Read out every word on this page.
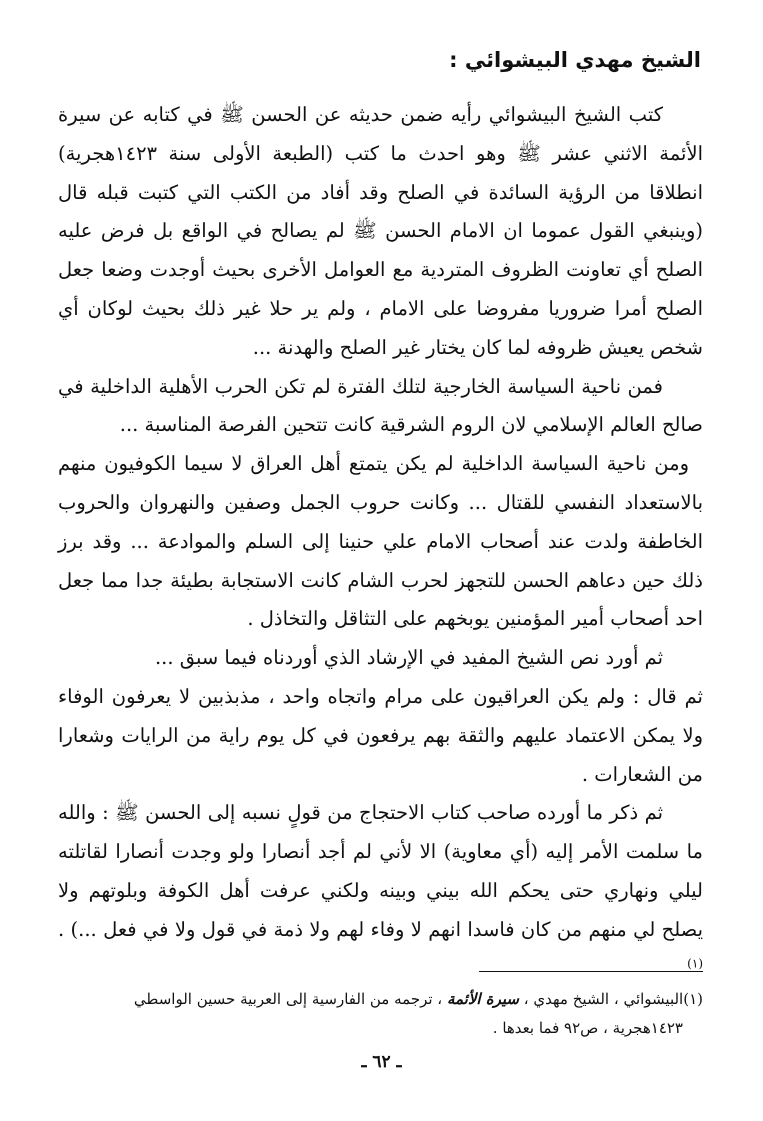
الشيخ مهدي البيشوائي :

كتب الشيخ البيشوائي رأيه ضمن حديثه عن الحسن ﷺ في كتابه عن سيرة الأئمة الاثني عشر ﷺ وهو احدث ما كتب (الطبعة الأولى سنة ١٤٢٣هجرية) انطلاقا من الرؤية السائدة في الصلح وقد أفاد من الكتب التي كتبت قبله قال (وينبغي القول عموما ان الامام الحسن ﷺ لم يصالح في الواقع بل فرض عليه الصلح أي تعاونت الظروف المتردية مع العوامل الأخرى بحيث أوجدت وضعا جعل الصلح أمرا ضروريا مفروضا على الامام ، ولم ير حلا غير ذلك بحيث لوكان أي شخص يعيش ظروفه لما كان يختار غير الصلح والهدنة ...

فمن ناحية السياسة الخارجية لتلك الفترة لم تكن الحرب الأهلية الداخلية في صالح العالم الإسلامي لان الروم الشرقية كانت تتحين الفرصة المناسبة ...

ومن ناحية السياسة الداخلية لم يكن يتمتع أهل العراق لا سيما الكوفيون منهم بالاستعداد النفسي للقتال ... وكانت حروب الجمل وصفين والنهروان والحروب الخاطفة ولدت عند أصحاب الامام علي حنينا إلى السلم والموادعة ... وقد برز ذلك حين دعاهم الحسن للتجهز لحرب الشام كانت الاستجابة بطيئة جدا مما جعل احد أصحاب أمير المؤمنين يوبخهم على التثاقل والتخاذل .

ثم أورد نص الشيخ المفيد في الإرشاد الذي أوردناه فيما سبق ...

ثم قال : ولم يكن العراقيون على مرام واتجاه واحد ، مذبذبين لا يعرفون الوفاء ولا يمكن الاعتماد عليهم والثقة بهم يرفعون في كل يوم راية من الرايات وشعارا من الشعارات .

ثم ذكر ما أورده صاحب كتاب الاحتجاج من قولٍ نسبه إلى الحسن ﷺ : والله ما سلمت الأمر إليه (أي معاوية) الا لأني لم أجد أنصارا ولو وجدت أنصارا لقاتلته ليلي ونهاري حتى يحكم الله بيني وبينه ولكني عرفت أهل الكوفة وبلوتهم ولا يصلح لي منهم من كان فاسدا انهم لا وفاء لهم ولا ذمة في قول ولا في فعل ...) .$^{(١)}$

(١)البيشوائي ، الشيخ مهدي ، سيرة الأئمة ، ترجمه من الفارسية إلى العربية حسين الواسطي

١٤٢٣هجرية ، ص٩٢ فما بعدها .

ـ ٦٢ ـ
